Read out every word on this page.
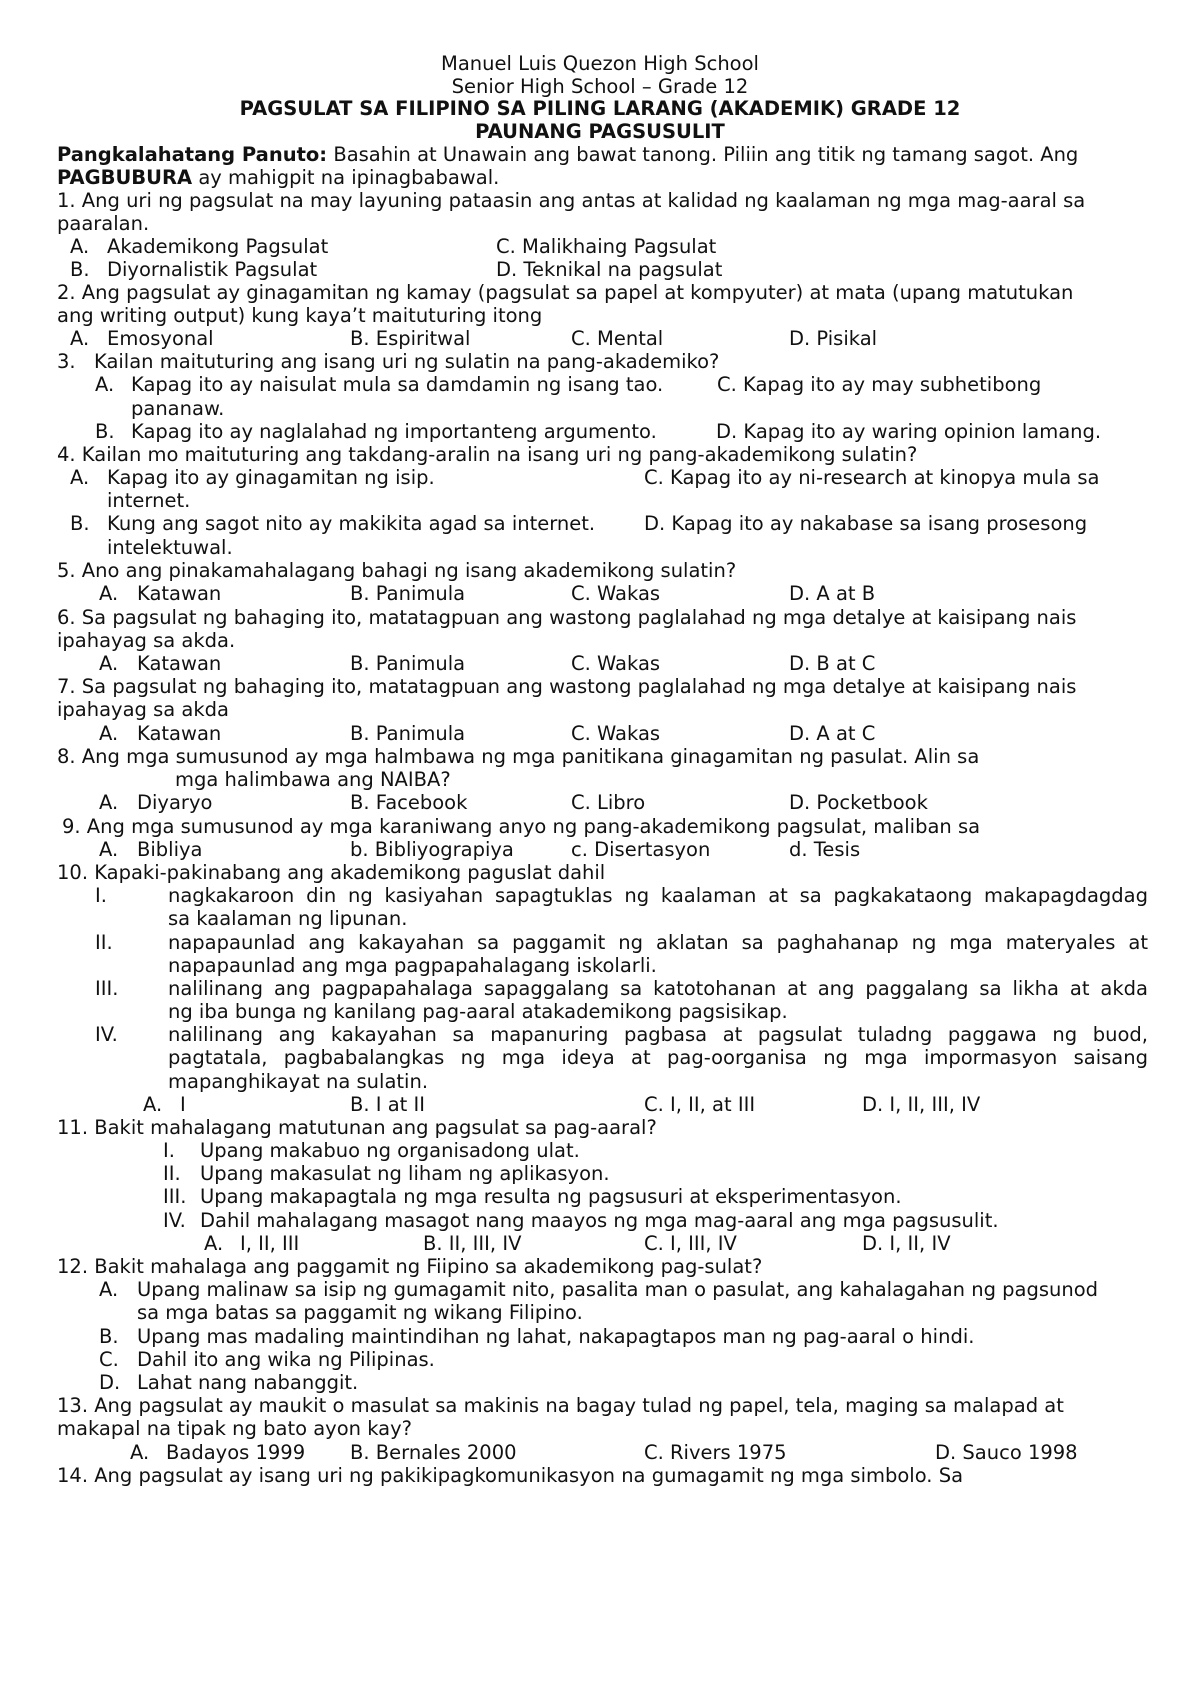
Manuel Luis Quezon High School
Senior High School – Grade 12
PAGSULAT SA FILIPINO SA PILING LARANG (AKADEMIK) GRADE 12
PAUNANG PAGSUSULIT
Pangkalahatang Panuto: Basahin at Unawain ang bawat tanong. Piliin ang titik ng tamang sagot. Ang
PAGBUBURA ay mahigpit na ipinagbabawal.
1. Ang uri ng pagsulat na may layuning pataasin ang antas at kalidad ng kaalaman ng mga mag-aaral sa
paaralan.
A. Akademikong Pagsulat	C. Malikhaing Pagsulat
B. Diyornalistik Pagsulat	D. Teknikal na pagsulat
2. Ang pagsulat ay ginagamitan ng kamay (pagsulat sa papel at kompyuter) at mata (upang matutukan
ang writing output) kung kaya’t maituturing itong
A. Emosyonal	B. Espiritwal	C. Mental	D. Pisikal
3. Kailan maituturing ang isang uri ng sulatin na pang-akademiko?
A. Kapag ito ay naisulat mula sa damdamin ng isang tao.	C. Kapag ito ay may subhetibong
pananaw.
B. Kapag ito ay naglalahad ng importanteng argumento.	D. Kapag ito ay waring opinion lamang.
4. Kailan mo maituturing ang takdang-aralin na isang uri ng pang-akademikong sulatin?
A. Kapag ito ay ginagamitan ng isip.	C. Kapag ito ay ni-research at kinopya mula sa
internet.
B. Kung ang sagot nito ay makikita agad sa internet.	D. Kapag ito ay nakabase sa isang prosesong
intelektuwal.
5. Ano ang pinakamahalagang bahagi ng isang akademikong sulatin?
A. Katawan	B. Panimula	C. Wakas	D. A at B
6. Sa pagsulat ng bahaging ito, matatagpuan ang wastong paglalahad ng mga detalye at kaisipang nais
ipahayag sa akda.
A. Katawan	B. Panimula	C. Wakas	D. B at C
7. Sa pagsulat ng bahaging ito, matatagpuan ang wastong paglalahad ng mga detalye at kaisipang nais
ipahayag sa akda
A. Katawan	B. Panimula	C. Wakas	D. A at C
8. Ang mga sumusunod ay mga halmbawa ng mga panitikana ginagamitan ng pasulat. Alin sa
mga halimbawa ang NAIBA?
A. Diyaryo	B. Facebook	C. Libro	D. Pocketbook
9. Ang mga sumusunod ay mga karaniwang anyo ng pang-akademikong pagsulat, maliban sa
A. Bibliya	b. Bibliyograpiya	c. Disertasyon	d. Tesis
10. Kapaki-pakinabang ang akademikong paguslat dahil
I.	nagkakaroon din ng kasiyahan sapagtuklas ng kaalaman at sa pagkakataong makapagdagdag
sa kaalaman ng lipunan.
II.	napapaunlad ang kakayahan sa paggamit ng aklatan sa paghahanap ng mga materyales at
napapaunlad ang mga pagpapahalagang iskolarli.
III.	nalilinang ang pagpapahalaga sapaggalang sa katotohanan at ang paggalang sa likha at akda
ng iba bunga ng kanilang pag-aaral atakademikong pagsisikap.
IV.	nalilinang ang kakayahan sa mapanuring pagbasa at pagsulat tuladng paggawa ng buod,
pagtatala, pagbabalangkas ng mga ideya at pag-oorganisa ng mga impormasyon saisang
mapanghikayat na sulatin.
A. I	B. I at II	C. I, II, at III	D. I, II, III, IV
11. Bakit mahalagang matutunan ang pagsulat sa pag-aaral?
I. Upang makabuo ng organisadong ulat.
II. Upang makasulat ng liham ng aplikasyon.
III. Upang makapagtala ng mga resulta ng pagsusuri at eksperimentasyon.
IV. Dahil mahalagang masagot nang maayos ng mga mag-aaral ang mga pagsusulit.
A. I, II, III	B. II, III, IV	C. I, III, IV	D. I, II, IV
12. Bakit mahalaga ang paggamit ng Fiipino sa akademikong pag-sulat?
A. Upang malinaw sa isip ng gumagamit nito, pasalita man o pasulat, ang kahalagahan ng pagsunod
sa mga batas sa paggamit ng wikang Filipino.
B. Upang mas madaling maintindihan ng lahat, nakapagtapos man ng pag-aaral o hindi.
C. Dahil ito ang wika ng Pilipinas.
D. Lahat nang nabanggit.
13. Ang pagsulat ay maukit o masulat sa makinis na bagay tulad ng papel, tela, maging sa malapad at
makapal na tipak ng bato ayon kay?
A. Badayos 1999 B. Bernales 2000	C. Rivers 1975	D. Sauco 1998
14. Ang pagsulat ay isang uri ng pakikipagkomunikasyon na gumagamit ng mga simbolo. Sa
